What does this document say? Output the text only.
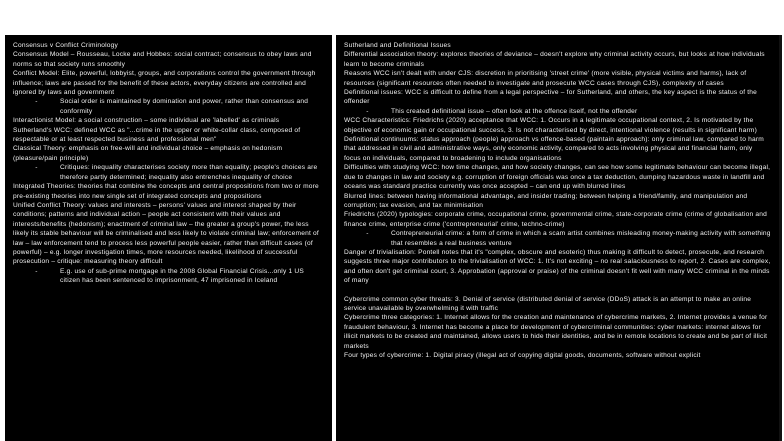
Consensus v Conflict Criminology
Consensus Model – Rousseau, Locke and Hobbes: social contract; consensus to obey laws and norms so that society runs smoothly
Conflict Model: Elite, powerful, lobbyist, groups, and corporations control the government through influence; laws are passed for the benefit of these actors, everyday citizens are controlled and ignored by laws and government
-	Social order is maintained by domination and power, rather than consensus and conformity
Interactionist Model: a social construction – some individual are 'labelled' as criminals
Sutherland's WCC: defined WCC as "...crime in the upper or white-collar class, composed of respectable or at least respected business and professional men"
Classical Theory: emphasis on free-will and individual choice – emphasis on hedonism (pleasure/pain principle)
-	Critiques: inequality characterises society more than equality; people's choices are therefore partly determined; inequality also entrenches inequality of choice
Integrated Theories: theories that combine the concepts and central propositions from two or more pre-existing theories into new single set of integrated concepts and propositions
Unified Conflict Theory: values and interests – persons' values and interest shaped by their conditions; patterns and individual action – people act consistent with their values and interests/benefits (hedonism); enactment of criminal law – the greater a group's power, the less likely its stable behaviour will be criminalised and less likely to violate criminal law; enforcement of law – law enforcement tend to process less powerful people easier, rather than difficult cases (of powerful) – e.g. longer investigation times, more resources needed, likelihood of successful prosecution – critique: measuring theory difficult
-	E.g. use of sub-prime mortgage in the 2008 Global Financial Crisis...only 1 US citizen has been sentenced to imprisonment, 47 imprisoned in Iceland
Sutherland and Definitional Issues
Differential association theory: explores theories of deviance – doesn't explore why criminal activity occurs, but looks at how individuals learn to become criminals
Reasons WCC isn't dealt with under CJS: discretion in prioritising 'street crime' (more visible, physical victims and harms), lack of resources (significant resources often needed to investigate and prosecute WCC cases through CJS), complexity of cases
Definitional issues: WCC is difficult to define from a legal perspective – for Sutherland, and others, the key aspect is the status of the offender
-	This created definitional issue – often look at the offence itself, not the offender
WCC Characteristics: Friedrichs (2020) acceptance that WCC: 1. Occurs in a legitimate occupational context, 2. Is motivated by the objective of economic gain or occupational success, 3. Is not characterised by direct, intentional violence (results in significant harm)
Definitional continuums: status approach (people) approach vs offence-based (paintain approach): only criminal law, compared to harm that addressed in civil and administrative ways, only economic activity, compared to acts involving physical and financial harm, only focus on individuals, compared to broadening to include organisations
Difficulties with studying WCC: how time changes, and how society changes, can see how some legitimate behaviour can become illegal, due to changes in law and society e.g. corruption of foreign officials was once a tax deduction, dumping hazardous waste in landfill and oceans was standard practice currently was once accepted – can end up with blurred lines
Blurred lines: between having informational advantage, and insider trading; between helping a friend/family, and manipulation and corruption; tax evasion, and tax minimisation
Friedrichs (2020) typologies: corporate crime, occupational crime, governmental crime, state-corporate crime (crime of globalisation and finance crime, enterprise crime ('contrepreneurial' crime, techno-crime)
-	Contrepreneurial crime: a form of crime in which a scam artist combines misleading money-making activity with something that resembles a real business venture
Danger of trivialisation: Pontell notes that it's "complex, obscure and esoteric) thus making it difficult to detect, prosecute, and research suggests three major contributors to the trivialisation of WCC: 1. It's not exciting – no real salaciousness to report, 2. Cases are complex, and often don't get criminal court, 3. Approbation (approval or praise) of the criminal doesn't fit well with many WCC criminal in the minds of many
Cybercrime common cyber threats: 3. Denial of service (distributed denial of service (DDoS) attack is an attempt to make an online service unavailable by overwhelming it with traffic
Cybercrime three categories: 1. Internet allows for the creation and maintenance of cybercrime markets, 2. Internet provides a venue for fraudulent behaviour, 3. Internet has become a place for development of cybercriminal communities: cyber markets: internet allows for illicit markets to be created and maintained, allows users to hide their identities, and be in remote locations to create and be part of illicit markets
Four types of cybercrime: 1. Digital piracy (illegal act of copying digital goods, documents, software without explicit
